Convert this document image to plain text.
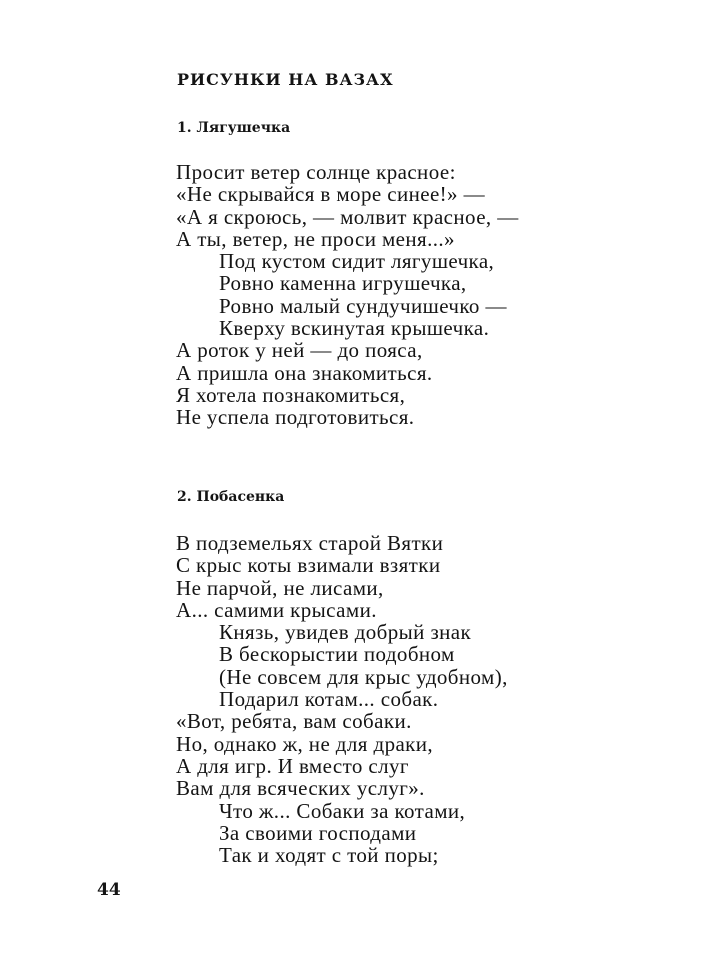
РИСУНКИ НА ВАЗАХ
1. Лягушечка
Просит ветер солнце красное:
«Не скрывайся в море синее!» —
«А я скроюсь, — молвит красное, —
А ты, ветер, не проси меня...»
Под кустом сидит лягушечка,
Ровно каменна игрушечка,
Ровно малый сундучишечко —
Кверху вскинутая крышечка.
А роток у ней — до пояса,
А пришла она знакомиться.
Я хотела познакомиться,
Не успела подготовиться.
2. Побасенка
В подземельях старой Вятки
С крыс коты взимали взятки
Не парчой, не лисами,
А... самими крысами.
Князь, увидев добрый знак
В бескорыстии подобном
(Не совсем для крыс удобном),
Подарил котам... собак.
«Вот, ребята, вам собаки.
Но, однако ж, не для драки,
А для игр. И вместо слуг
Вам для всяческих услуг».
Что ж... Собаки за котами,
За своими господами
Так и ходят с той поры;
44
